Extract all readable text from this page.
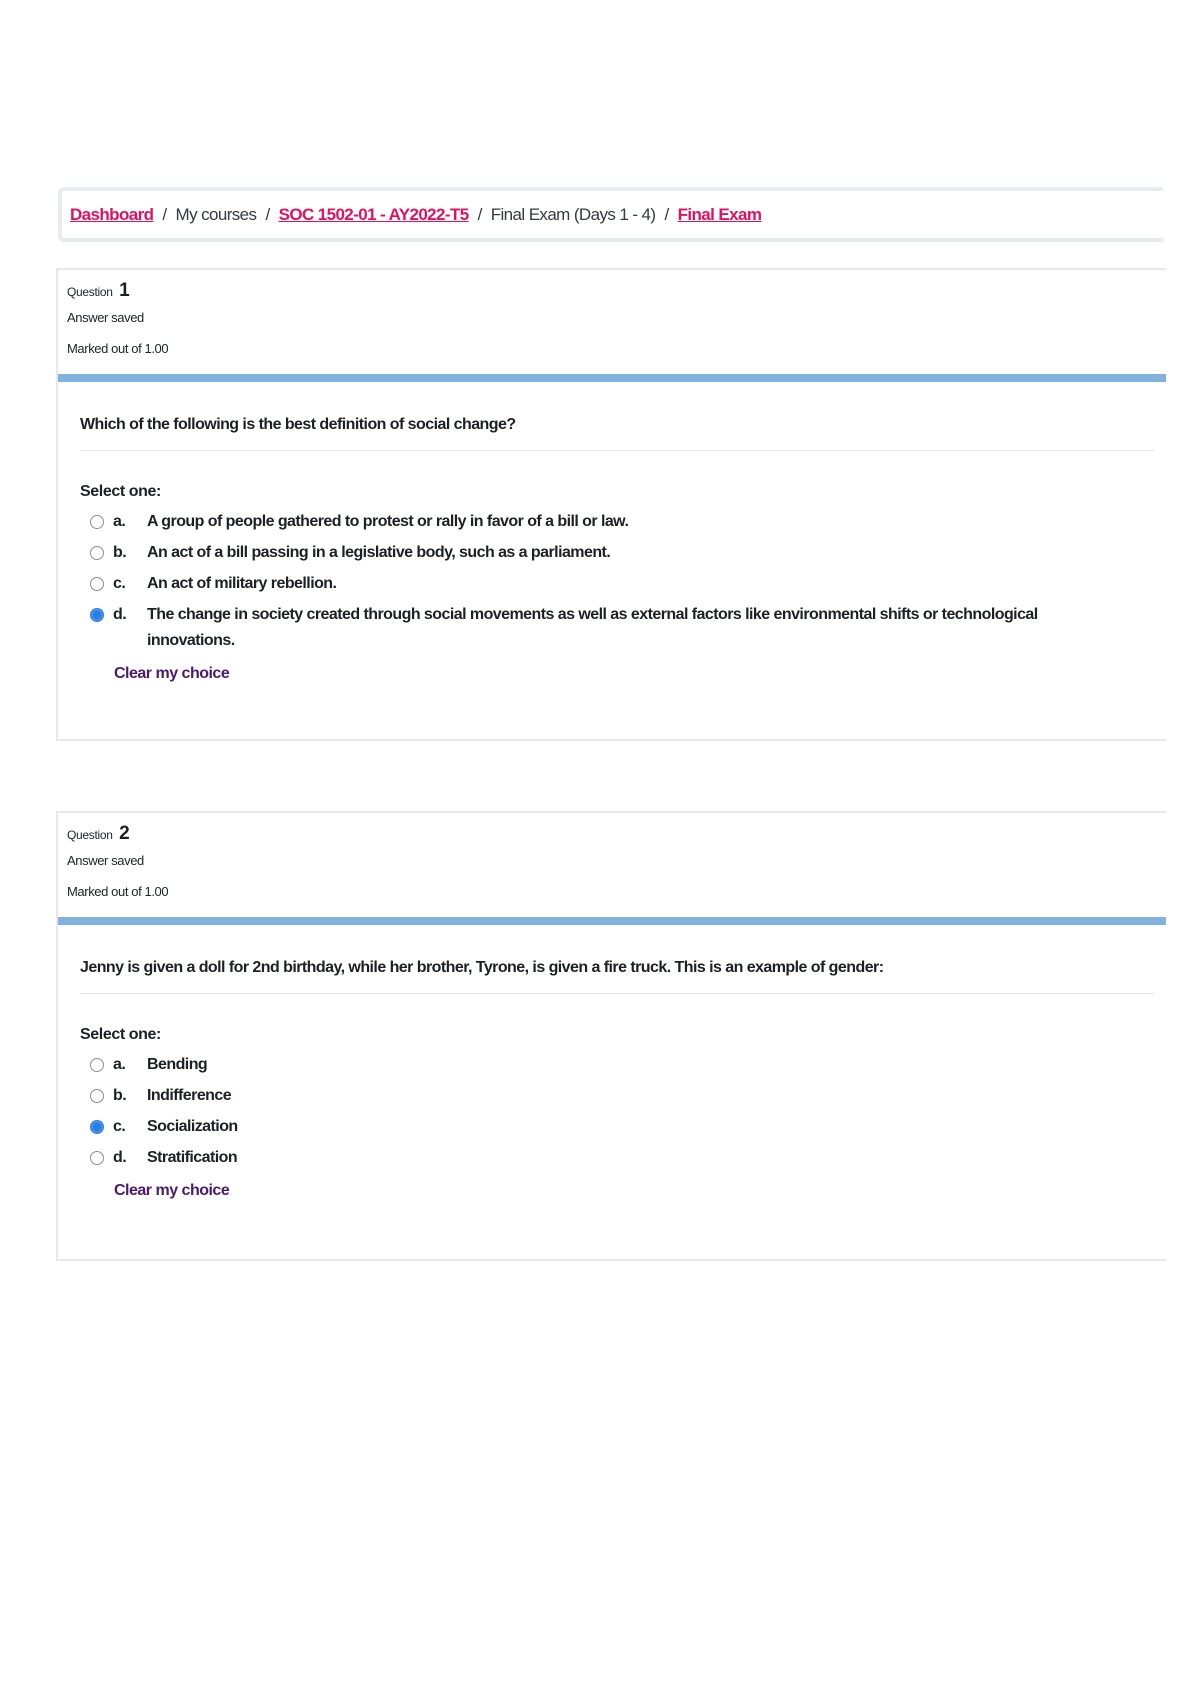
Dashboard / My courses / SOC 1502-01 - AY2022-T5 / Final Exam (Days 1 - 4) / Final Exam
Question 1
Answer saved
Marked out of 1.00
Which of the following is the best definition of social change?
Select one:
a.	A group of people gathered to protest or rally in favor of a bill or law.
b.	An act of a bill passing in a legislative body, such as a parliament.
c.	An act of military rebellion.
d.	The change in society created through social movements as well as external factors like environmental shifts or technological innovations.
Clear my choice
Question 2
Answer saved
Marked out of 1.00
Jenny is given a doll for 2nd birthday, while her brother, Tyrone, is given a fire truck. This is an example of gender:
Select one:
a.	Bending
b.	Indifference
c.	Socialization
d.	Stratification
Clear my choice
